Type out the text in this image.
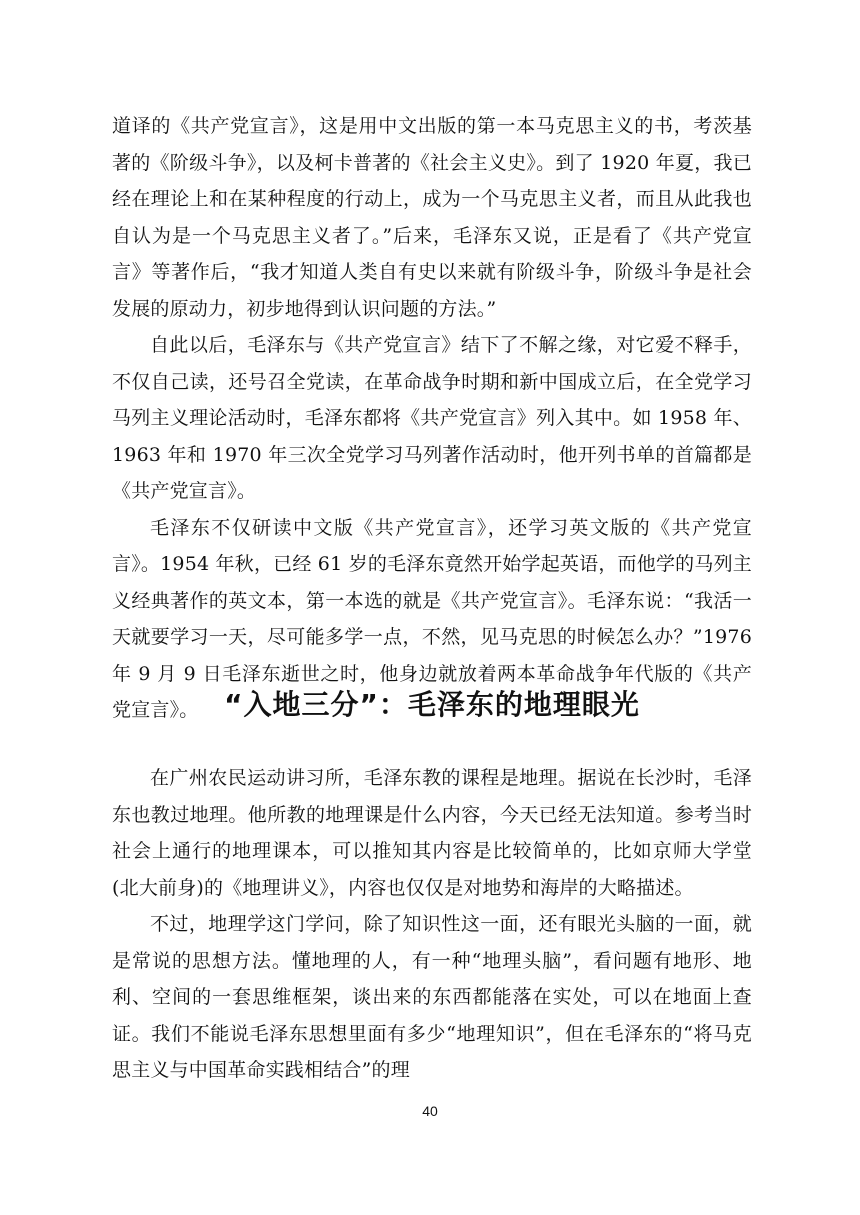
道译的《共产党宣言》，这是用中文出版的第一本马克思主义的书，考茨基著的《阶级斗争》，以及柯卡普著的《社会主义史》。到了 1920 年夏，我已经在理论上和在某种程度的行动上，成为一个马克思主义者，而且从此我也自认为是一个马克思主义者了。”后来，毛泽东又说，正是看了《共产党宣言》等著作后，“我才知道人类自有史以来就有阶级斗争，阶级斗争是社会发展的原动力，初步地得到认识问题的方法。”

自此以后，毛泽东与《共产党宣言》结下了不解之缘，对它爱不释手，不仅自己读，还号召全党读，在革命战争时期和新中国成立后，在全党学习马列主义理论活动时，毛泽东都将《共产党宣言》列入其中。如 1958 年、1963 年和 1970 年三次全党学习马列著作活动时，他开列书单的首篇都是《共产党宣言》。

毛泽东不仅研读中文版《共产党宣言》，还学习英文版的《共产党宣言》。1954 年秋，已经 61 岁的毛泽东竟然开始学起英语，而他学的马列主义经典著作的英文本，第一本选的就是《共产党宣言》。毛泽东说：“我活一天就要学习一天，尽可能多学一点，不然，见马克思的时候怎么办？”1976 年 9 月 9 日毛泽东逝世之时，他身边就放着两本革命战争年代版的《共产党宣言》。 “入地三分”：毛泽东的地理眼光

在广州农民运动讲习所，毛泽东教的课程是地理。据说在长沙时，毛泽东也教过地理。他所教的地理课是什么内容，今天已经无法知道。参考当时社会上通行的地理课本，可以推知其内容是比较简单的，比如京师大学堂(北大前身)的《地理讲义》，内容也仅仅是对地势和海岸的大略描述。

不过，地理学这门学问，除了知识性这一面，还有眼光头脑的一面，就是常说的思想方法。懂地理的人，有一种“地理头脑”，看问题有地形、地利、空间的一套思维框架，谈出来的东西都能落在实处，可以在地面上查证。我们不能说毛泽东思想里面有多少“地理知识”，但在毛泽东的“将马克思主义与中国革命实践相结合”的理

40
